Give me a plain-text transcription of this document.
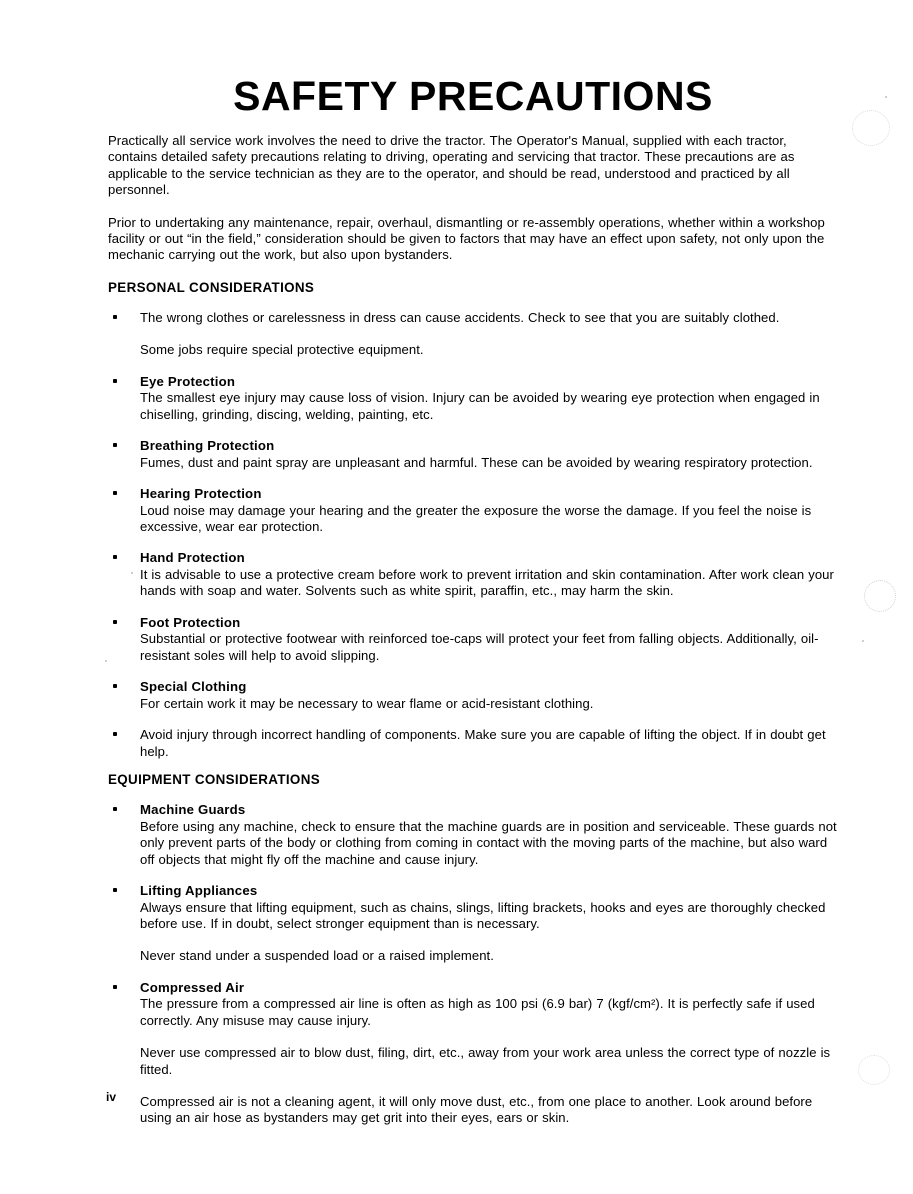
SAFETY PRECAUTIONS

Practically all service work involves the need to drive the tractor. The Operator's Manual, supplied with each tractor, contains detailed safety precautions relating to driving, operating and servicing that tractor. These precautions are as applicable to the service technician as they are to the operator, and should be read, understood and practiced by all personnel.

Prior to undertaking any maintenance, repair, overhaul, dismantling or re-assembly operations, whether within a workshop facility or out “in the field,” consideration should be given to factors that may have an effect upon safety, not only upon the mechanic carrying out the work, but also upon bystanders.

PERSONAL CONSIDERATIONS
The wrong clothes or carelessness in dress can cause accidents. Check to see that you are suitably clothed.
Some jobs require special protective equipment.
Eye Protection
The smallest eye injury may cause loss of vision. Injury can be avoided by wearing eye protection when engaged in chiselling, grinding, discing, welding, painting, etc.
Breathing Protection
Fumes, dust and paint spray are unpleasant and harmful. These can be avoided by wearing respiratory protection.
Hearing Protection
Loud noise may damage your hearing and the greater the exposure the worse the damage. If you feel the noise is excessive, wear ear protection.
Hand Protection
It is advisable to use a protective cream before work to prevent irritation and skin contamination. After work clean your hands with soap and water. Solvents such as white spirit, paraffin, etc., may harm the skin.
Foot Protection
Substantial or protective footwear with reinforced toe-caps will protect your feet from falling objects. Additionally, oil-resistant soles will help to avoid slipping.
Special Clothing
For certain work it may be necessary to wear flame or acid-resistant clothing.
Avoid injury through incorrect handling of components. Make sure you are capable of lifting the object. If in doubt get help.
EQUIPMENT CONSIDERATIONS
Machine Guards
Before using any machine, check to ensure that the machine guards are in position and serviceable. These guards not only prevent parts of the body or clothing from coming in contact with the moving parts of the machine, but also ward off objects that might fly off the machine and cause injury.
Lifting Appliances
Always ensure that lifting equipment, such as chains, slings, lifting brackets, hooks and eyes are thoroughly checked before use. If in doubt, select stronger equipment than is necessary.
Never stand under a suspended load or a raised implement.
Compressed Air
The pressure from a compressed air line is often as high as 100 psi (6.9 bar) 7 (kgf/cm²). It is perfectly safe if used correctly. Any misuse may cause injury.
Never use compressed air to blow dust, filing, dirt, etc., away from your work area unless the correct type of nozzle is fitted.
Compressed air is not a cleaning agent, it will only move dust, etc., from one place to another. Look around before using an air hose as bystanders may get grit into their eyes, ears or skin.
iv
